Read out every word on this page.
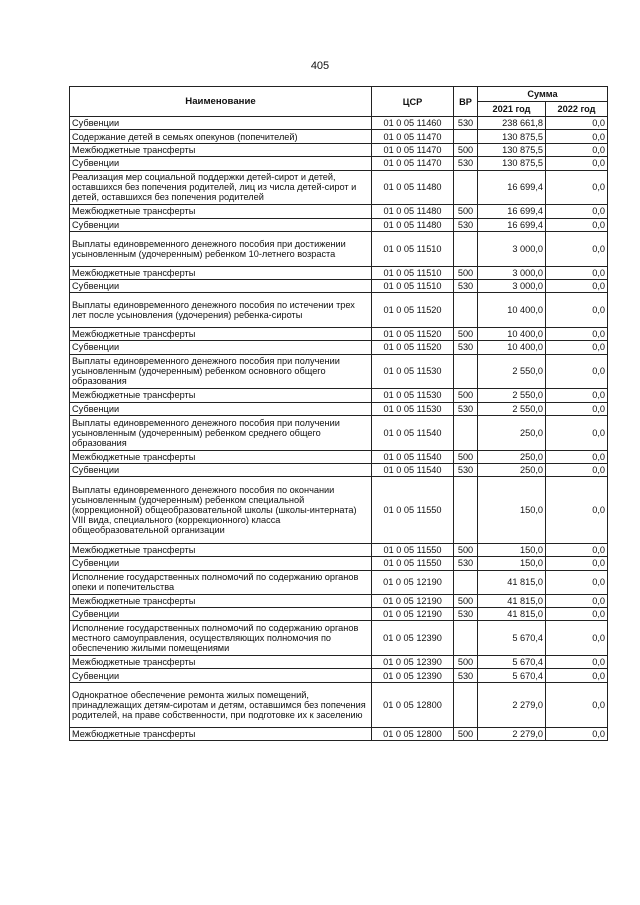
405
Наименование	ЦСР	ВР	Сумма	
			2021 год	2022 год
Субвенции	01 0 05 11460	530	238 661,8	0,0
Содержание детей в семьях опекунов (попечителей)	01 0 05 11470		130 875,5	0,0
Межбюджетные трансферты	01 0 05 11470	500	130 875,5	0,0
Субвенции	01 0 05 11470	530	130 875,5	0,0
Реализация мер социальной поддержки детей-сирот и детей, оставшихся без попечения родителей, лиц из числа детей-сирот и детей, оставшихся без попечения родителей	01 0 05 11480		16 699,4	0,0
Межбюджетные трансферты	01 0 05 11480	500	16 699,4	0,0
Субвенции	01 0 05 11480	530	16 699,4	0,0
Выплаты единовременного денежного пособия при достижении усыновленным (удочеренным) ребенком 10-летнего возраста	01 0 05 11510		3 000,0	0,0
Межбюджетные трансферты	01 0 05 11510	500	3 000,0	0,0
Субвенции	01 0 05 11510	530	3 000,0	0,0
Выплаты единовременного денежного пособия по истечении трех лет после усыновления (удочерения) ребенка-сироты	01 0 05 11520		10 400,0	0,0
Межбюджетные трансферты	01 0 05 11520	500	10 400,0	0,0
Субвенции	01 0 05 11520	530	10 400,0	0,0
Выплаты единовременного денежного пособия при получении усыновленным (удочеренным) ребенком основного общего образования	01 0 05 11530		2 550,0	0,0
Межбюджетные трансферты	01 0 05 11530	500	2 550,0	0,0
Субвенции	01 0 05 11530	530	2 550,0	0,0
Выплаты единовременного денежного пособия при получении усыновленным (удочеренным) ребенком среднего общего образования	01 0 05 11540		250,0	0,0
Межбюджетные трансферты	01 0 05 11540	500	250,0	0,0
Субвенции	01 0 05 11540	530	250,0	0,0
Выплаты единовременного денежного пособия по окончании усыновленным (удочеренным) ребенком специальной (коррекционной) общеобразовательной школы (школы-интерната) VIII вида, специального (коррекционного) класса общеобразовательной организации	01 0 05 11550		150,0	0,0
Межбюджетные трансферты	01 0 05 11550	500	150,0	0,0
Субвенции	01 0 05 11550	530	150,0	0,0
Исполнение государственных полномочий по содержанию органов опеки и попечительства	01 0 05 12190		41 815,0	0,0
Межбюджетные трансферты	01 0 05 12190	500	41 815,0	0,0
Субвенции	01 0 05 12190	530	41 815,0	0,0
Исполнение государственных полномочий по содержанию органов местного самоуправления, осуществляющих полномочия по обеспечению жилыми помещениями	01 0 05 12390		5 670,4	0,0
Межбюджетные трансферты	01 0 05 12390	500	5 670,4	0,0
Субвенции	01 0 05 12390	530	5 670,4	0,0
Однократное обеспечение ремонта жилых помещений, принадлежащих детям-сиротам и детям, оставшимся без попечения родителей, на праве собственности, при подготовке их к заселению	01 0 05 12800		2 279,0	0,0
Межбюджетные трансферты	01 0 05 12800	500	2 279,0	0,0
